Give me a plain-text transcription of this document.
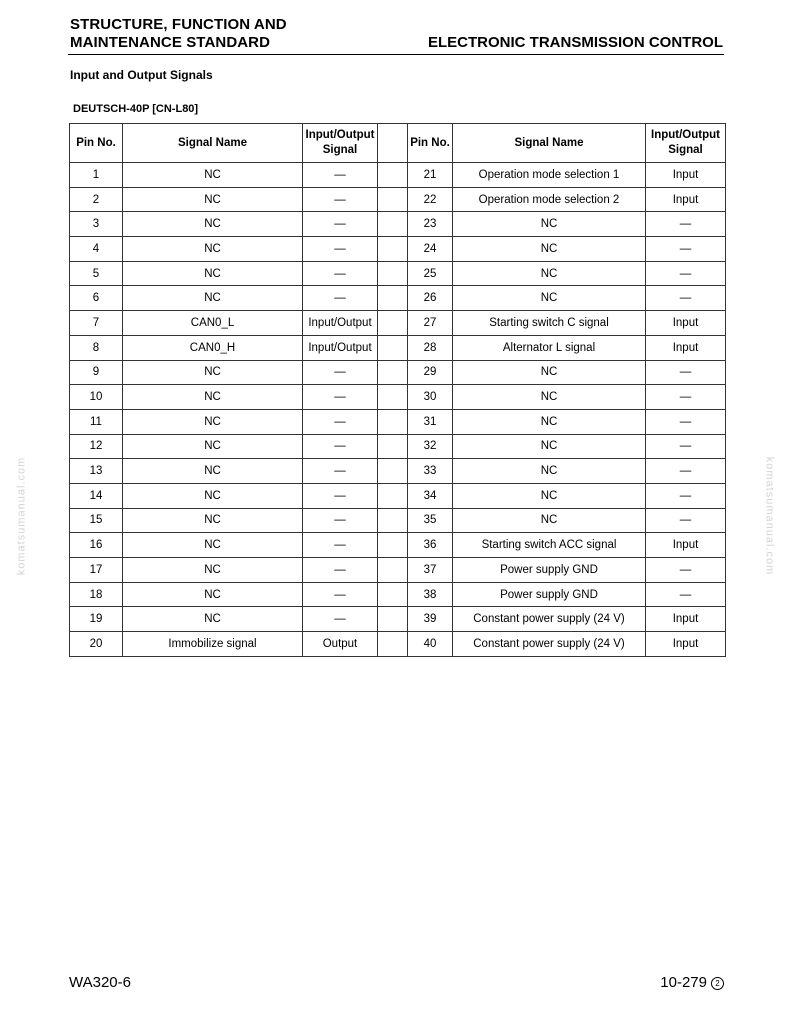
STRUCTURE, FUNCTION AND
MAINTENANCE STANDARD	ELECTRONIC TRANSMISSION CONTROL
Input and Output Signals
DEUTSCH-40P [CN-L80]
Pin No.	Signal Name	Input/Output
Signal		Pin No.	Signal Name	Input/Output
Signal
1	NC	—		21	Operation mode selection 1	Input
2	NC	—		22	Operation mode selection 2	Input
3	NC	—		23	NC	—
4	NC	—		24	NC	—
5	NC	—		25	NC	—
6	NC	—		26	NC	—
7	CAN0_L	Input/Output		27	Starting switch C signal	Input
8	CAN0_H	Input/Output		28	Alternator L signal	Input
9	NC	—		29	NC	—
10	NC	—		30	NC	—
11	NC	—		31	NC	—
12	NC	—		32	NC	—
13	NC	—		33	NC	—
14	NC	—		34	NC	—
15	NC	—		35	NC	—
16	NC	—		36	Starting switch ACC signal	Input
17	NC	—		37	Power supply GND	—
18	NC	—		38	Power supply GND	—
19	NC	—		39	Constant power supply (24 V)	Input
20	Immobilize signal	Output		40	Constant power supply (24 V)	Input
WA320-6	10-279 2
komatsumanual.com	komatsumanual.com
